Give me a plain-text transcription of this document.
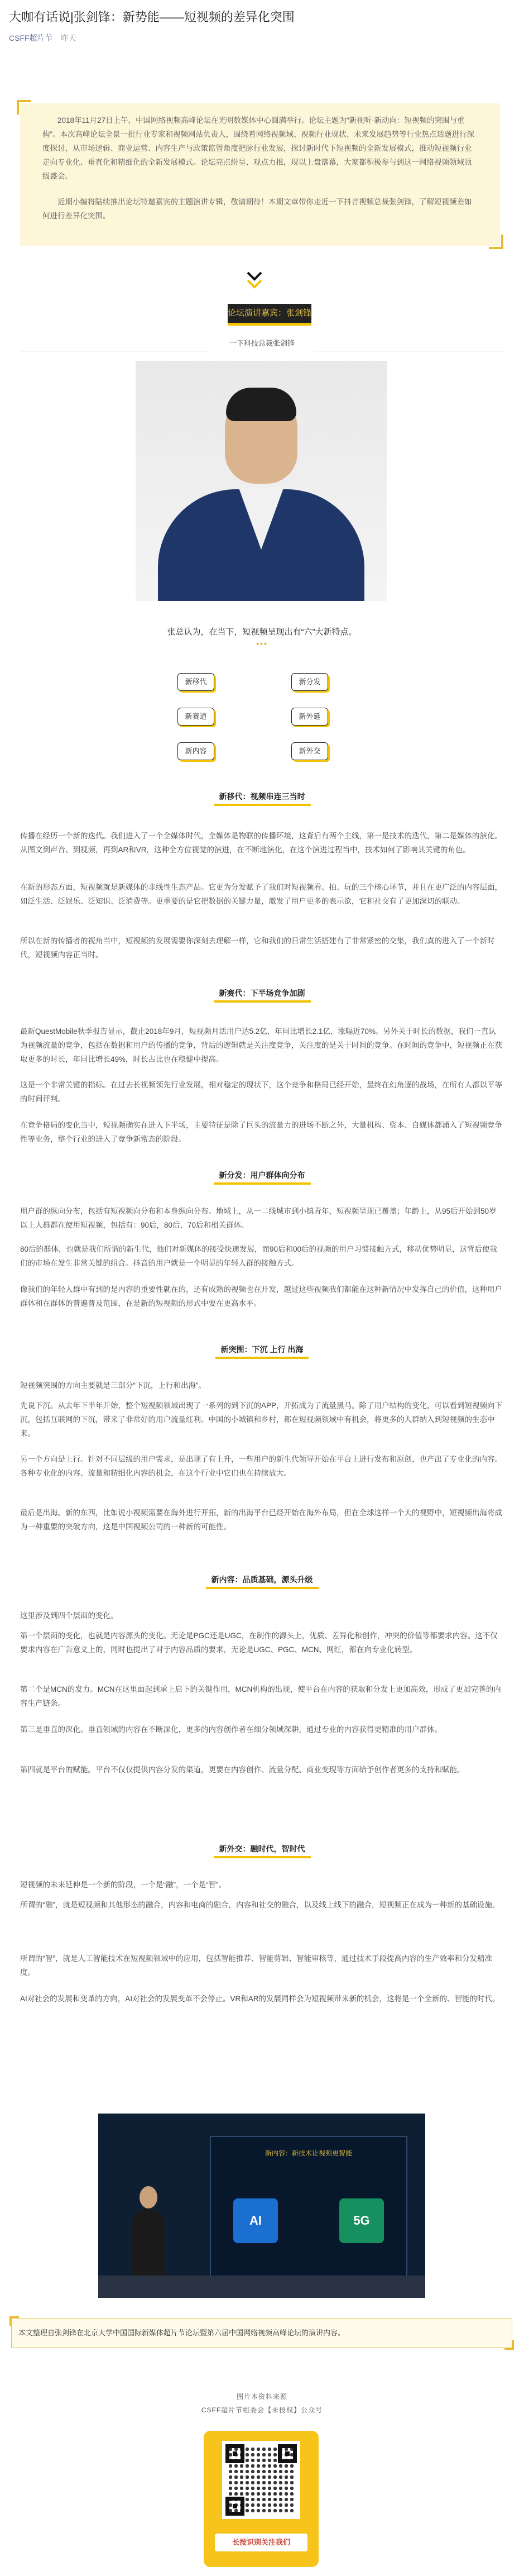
大咖有话说|张剑锋：新势能——短视频的差异化突围
CSFF超片节 昨天

2018年11月27日上午，中国网络视频高峰论坛在光明数媒体中心圆满举行。论坛主题为“新视听·新动向：短视频的突围与重构”。本次高峰论坛全景一批行业专家和视频网站负责人，围绕着网络视频域、视频行业现状、未来发展趋势等行业热点话题进行深度探讨，从市场逻辑、商业运营、内容生产与政策监管角度把脉行业发展，探讨新时代下短视频的全新发展模式，推动短视频行业走向专业化、垂直化和精细化的全新发展模式。论坛亮点纷呈、观点力推，现以上盘落幕，大家都积极参与到这一网络视频领域顶级盛会。

近期小编将陆续推出论坛特邀嘉宾的主题演讲专辑，敬请期待！本期文章带你走近一下抖音视频总裁张剑锋，了解短视频差如何进行差异化突围。

论坛演讲嘉宾：张剑锋
一下科技总裁张剑锋
张总认为，在当下，短视频呈现出有“六”大新特点。
•••
新移代	新分发
新赛道	新外延
新内容	新外交
新移代：视频串连三当时

传播在经历一个新的迭代。我们进入了一个全媒体时代，全媒体是物联的传播环境，这背后有两个主线，第一是技术的迭代，第二是媒体的演化。从图文到声音、到视频，再到AR和VR，这种全方位视觉的演进，在不断地演化，在这个演进过程当中，技术如何了影响其关键的角色。

在新的形态方面，短视频就是新媒体的非线性生态产品。它更为分发赋予了我们对短视频看、拍、玩的三个核心环节，并且在更广泛的内容层面，如泛生活、泛娱乐、泛知识、泛消费等。更重要的是它把数据的关键力量，激发了用户更多的表示欲，它和社交有了更加深切的联动。

所以在新的传播者的视角当中，短视频的发展需要你深刻去理解一样，它和我们的日常生活搭建有了非常紧密的交集，我们真的进入了一个新时代，短视频内容正当时。

新赛代：下半场竞争加剧

最新QuestMobile秋季报告显示，截止2018年9月，短视频月活用户达5.2亿，年同比增长2.1亿，涨幅近70%。另外关于时长的数据，我们一直认为视频流量的竞争，包括在数据和用户的传播的竞争，背后的逻辑就是关注度竞争，关注度的是关于时间的竞争。在时间的竞争中，短视频正在获取更多的时长，年同比增长49%，时长占比也在稳健中提高。

这是一个非常关键的指标。在过去长视频领先行业发展，相对稳定的现状下，这个竞争和格局已经开始，最终在幻角逐的战场，在所有人都以平等的时间评判。

在竞争格局的变化当中，短视频确实在进入下半场，主要特征是除了巨头的流量力的进场不断之外，大量机构、资本、自媒体都涌入了短视频竞争性等业务，整个行业的进入了竞争新常态的阶段。

新分发：用户群体向分布

用户群的纵向分布，包括有短视频向分布和本身纵向分布。地域上，从一二线城市到小镇青年，短视频呈现已覆盖；年龄上，从95后开始到50岁以上人群都在使用短视频，包括有：90后，80后，70后和相关群体。

80后的群体，也就是我们所谓的新生代，他们对新媒体的接受快速发展，而90后和00后的视频的用户习惯接触方式，移动优势明显，这背后使我们的市场在发生非常关键的组合。抖音的用户就是一个明显的年轻人群的接触方式。

像我们的年轻人群中有到的是内容的重要性就在的，还有成熟的视频也在开发，越过这些视频我们都能在这种新情况中发挥自己的价值，这种用户群体和在群体的普遍普及范围，在是新的短视频的形式中要在更高水平。

新突围：下沉 上行 出海

短视频突围的方向主要就是三部分“下沉，上行和出海”。

先说下沉。从去年下半年开始，整个短视频领域出现了一系列的到下沉的APP，开拓成为了流量黑马。除了用户结构的变化，可以看到短视频向下沉，包括互联网的下沉，带来了非常好的用户流量红利。中国的小城镇和乡村，都在短视频领域中有机会，将更多的人群纳入到短视频的生态中来。

另一个方向是上行。针对不同层级的用户需求，是出现了有上升，一些用户的新生代领导开始在平台上进行发布和原创，也产出了专业化的内容。各种专业化的内容、流量和精细化内容的机会，在这个行业中它们也在持续放大。

最后是出海。新的东西，比如说小视频需要在海外进行开拓，新的出海平台已经开始在海外布局，但在全球这样一个大的视野中，短视频出海将成为一种重要的突破方向，这是中国视频公司的一种新的可能性。

新内容：品质基础，源头升级

这里涉及到四个层面的变化。

第一个层面的变化，也就是内容源头的变化。无论是PGC还是UGC，在制作的源头上，优质、差异化和创作，冲突的价值等都要求内容。这不仅要求内容在广告意义上的，同时也提出了对于内容品质的要求，无论是UGC、PGC、MCN、网红，都在向专业化转型。

第二个是MCN的发力。MCN在这里面起到承上启下的关键作用，MCN机构的出现，使平台在内容的获取和分发上更加高效，形成了更加完善的内容生产链条。

第三是垂直的深化。垂直领域的内容在不断深化，更多的内容创作者在细分领域深耕，通过专业的内容获得更精准的用户群体。

第四就是平台的赋能。平台不仅仅提供内容分发的渠道，更要在内容创作、流量分配、商业变现等方面给予创作者更多的支持和赋能。

新外交：融时代，智时代

短视频的未来延伸是一个新的阶段，一个是“融”，一个是“智”。

所谓的“融”，就是短视频和其他形态的融合，内容和电商的融合，内容和社交的融合，以及线上线下的融合，短视频正在成为一种新的基础设施。

所谓的“智”，就是人工智能技术在短视频领域中的应用，包括智能推荐、智能剪辑、智能审核等，通过技术手段提高内容的生产效率和分发精准度。

AI对社会的发展和变革的方向，AI对社会的发展变革不会停止。VR和AR的发展同样会为短视频带来新的机会，这将是一个全新的、智能的时代。

新内容：新技术让视频更智能
AI	5G
本文整理自张剑锋在北京大学中国国际新媒体超片节论坛暨第六届中国网络视频高峰论坛的演讲内容。
图片本资料来源
CSFF超片节组委会【未授权】公众号
长按识别关注我们
